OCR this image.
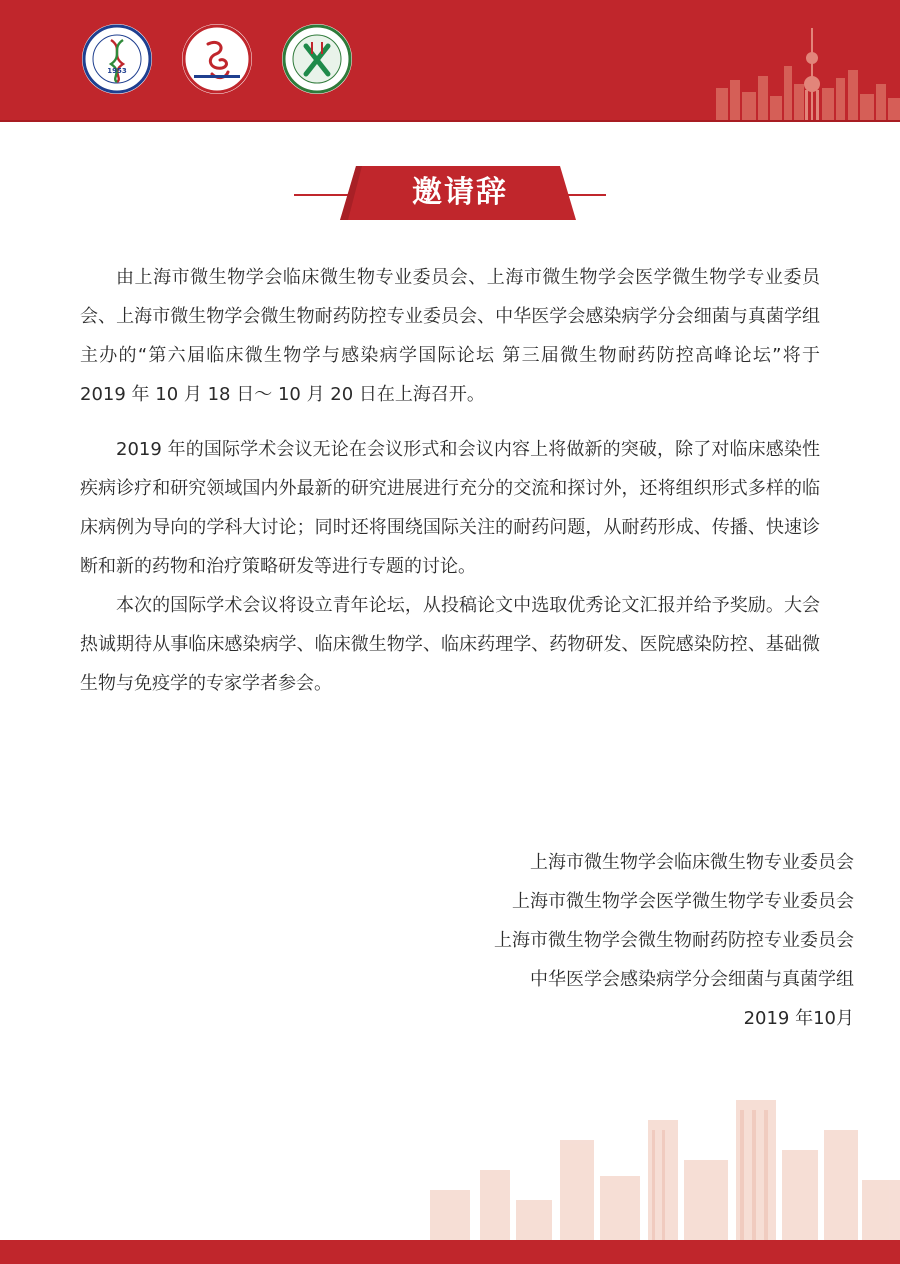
1953
邀请辞

由上海市微生物学会临床微生物专业委员会、上海市微生物学会医学微生物学专业委员会、上海市微生物学会微生物耐药防控专业委员会、中华医学会感染病学分会细菌与真菌学组主办的“第六届临床微生物学与感染病学国际论坛 第三届微生物耐药防控高峰论坛”将于 2019 年 10 月 18 日～ 10 月 20 日在上海召开。

2019 年的国际学术会议无论在会议形式和会议内容上将做新的突破，除了对临床感染性疾病诊疗和研究领域国内外最新的研究进展进行充分的交流和探讨外，还将组织形式多样的临床病例为导向的学科大讨论；同时还将围绕国际关注的耐药问题，从耐药形成、传播、快速诊断和新的药物和治疗策略研发等进行专题的讨论。

本次的国际学术会议将设立青年论坛，从投稿论文中选取优秀论文汇报并给予奖励。大会热诚期待从事临床感染病学、临床微生物学、临床药理学、药物研发、医院感染防控、基础微生物与免疫学的专家学者参会。

上海市微生物学会临床微生物专业委员会
上海市微生物学会医学微生物学专业委员会
上海市微生物学会微生物耐药防控专业委员会
中华医学会感染病学分会细菌与真菌学组
2019 年10月
